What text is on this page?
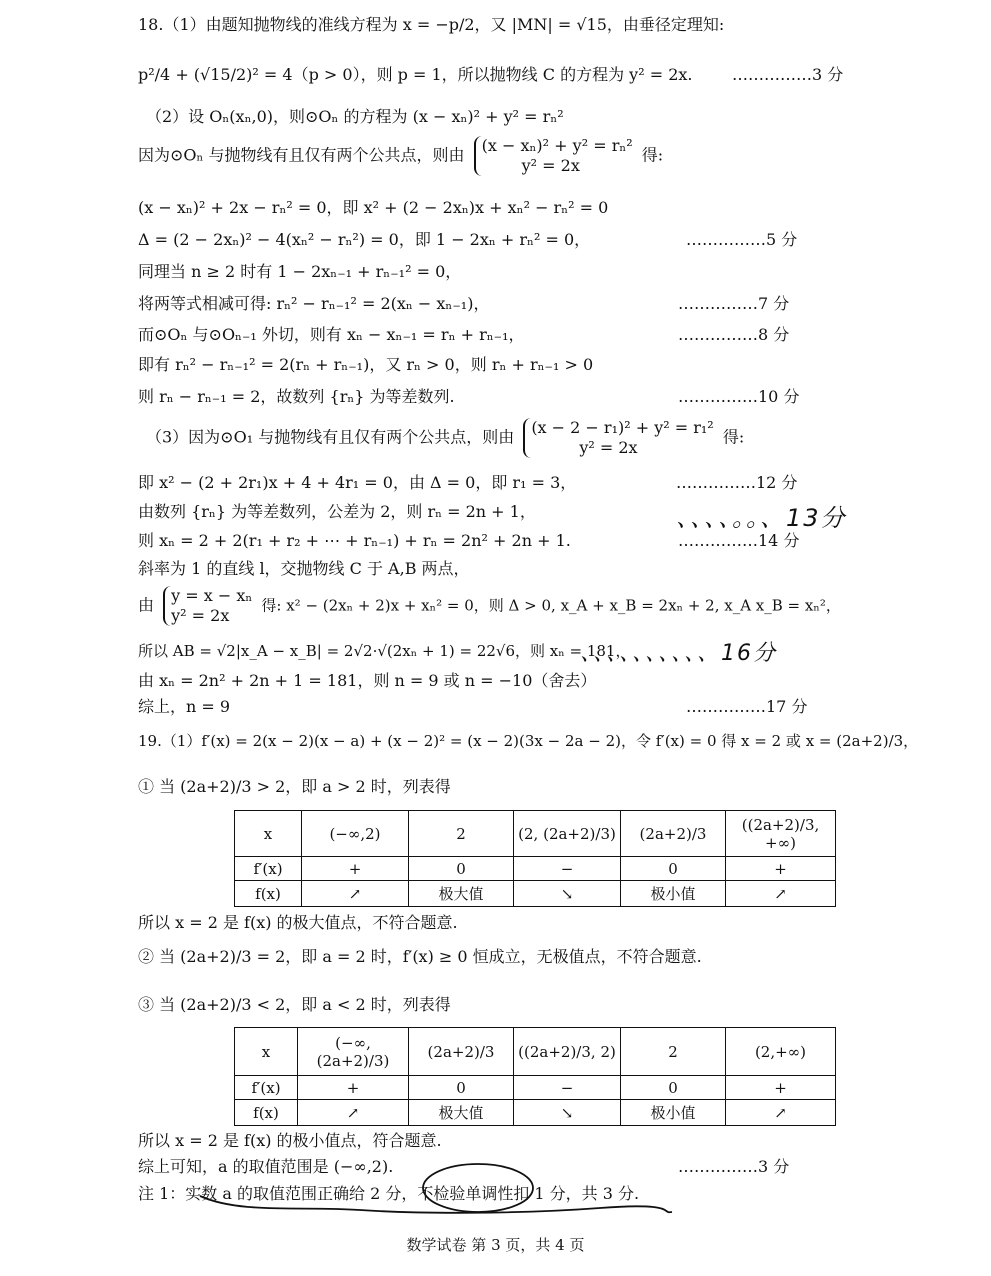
18.（1）由题知抛物线的准线方程为 x = −p/2，又 |MN| = √15，由垂径定理知:
p²/4 + (√15/2)² = 4（p > 0），则 p = 1，所以抛物线 C 的方程为 y² = 2x. ……………3 分
（2）设 Oₙ(xₙ,0)，则⊙Oₙ 的方程为 (x − xₙ)² + y² = rₙ²
因为⊙Oₙ 与抛物线有且仅有两个公共点，则由 (x − xₙ)² + y² = rₙ²
y² = 2x
得:
(x − xₙ)² + 2x − rₙ² = 0，即 x² + (2 − 2xₙ)x + xₙ² − rₙ² = 0
Δ = (2 − 2xₙ)² − 4(xₙ² − rₙ²) = 0，即 1 − 2xₙ + rₙ² = 0，	……………5 分
同理当 n ≥ 2 时有 1 − 2xₙ₋₁ + rₙ₋₁² = 0，
将两等式相减可得: rₙ² − rₙ₋₁² = 2(xₙ − xₙ₋₁)，	……………7 分
而⊙Oₙ 与⊙Oₙ₋₁ 外切，则有 xₙ − xₙ₋₁ = rₙ + rₙ₋₁，	……………8 分
即有 rₙ² − rₙ₋₁² = 2(rₙ + rₙ₋₁)，又 rₙ > 0，则 rₙ + rₙ₋₁ > 0
则 rₙ − rₙ₋₁ = 2，故数列 {rₙ} 为等差数列.	……………10 分
（3）因为⊙O₁ 与抛物线有且仅有两个公共点，则由 (x − 2 − r₁)² + y² = r₁²
y² = 2x
得:
即 x² − (2 + 2r₁)x + 4 + 4r₁ = 0，由 Δ = 0，即 r₁ = 3，	……………12 分
由数列 {rₙ} 为等差数列，公差为 2，则 rₙ = 2n + 1，	、、、、。。、13分
则 xₙ = 2 + 2(r₁ + r₂ + ⋯ + rₙ₋₁) + rₙ = 2n² + 2n + 1.	……………14 分
斜率为 1 的直线 l，交抛物线 C 于 A,B 两点，
由 y = x − xₙ
y² = 2x
得: x² − (2xₙ + 2)x + xₙ² = 0，则 Δ > 0, x_A + x_B = 2xₙ + 2, x_A x_B = xₙ²，
所以 AB = √2|x_A − x_B| = 2√2·√(2xₙ + 1) = 22√6，则 xₙ = 181，
、、、、、、、、、、16分
由 xₙ = 2n² + 2n + 1 = 181，则 n = 9 或 n = −10（舍去）
综上，n = 9	……………17 分
19.（1）f′(x) = 2(x − 2)(x − a) + (x − 2)² = (x − 2)(3x − 2a − 2)，令 f′(x) = 0 得 x = 2 或 x = (2a+2)/3，
① 当 (2a+2)/3 > 2，即 a > 2 时，列表得
x	(−∞,2)	2	(2, (2a+2)/3)	(2a+2)/3	((2a+2)/3, +∞)
f′(x)	+	0	−	0	+
f(x)	↗	极大值	↘	极小值	↗
所以 x = 2 是 f(x) 的极大值点，不符合题意.
② 当 (2a+2)/3 = 2，即 a = 2 时，f′(x) ≥ 0 恒成立，无极值点，不符合题意.
③ 当 (2a+2)/3 < 2，即 a < 2 时，列表得
x	(−∞, (2a+2)/3)	(2a+2)/3	((2a+2)/3, 2)	2	(2,+∞)
f′(x)	+	0	−	0	+
f(x)	↗	极大值	↘	极小值	↗
所以 x = 2 是 f(x) 的极小值点，符合题意.
综上可知，a 的取值范围是 (−∞,2).	……………3 分
注 1：实数 a 的取值范围正确给 2 分，不检验单调性扣 1 分，共 3 分.
数学试卷 第 3 页，共 4 页
